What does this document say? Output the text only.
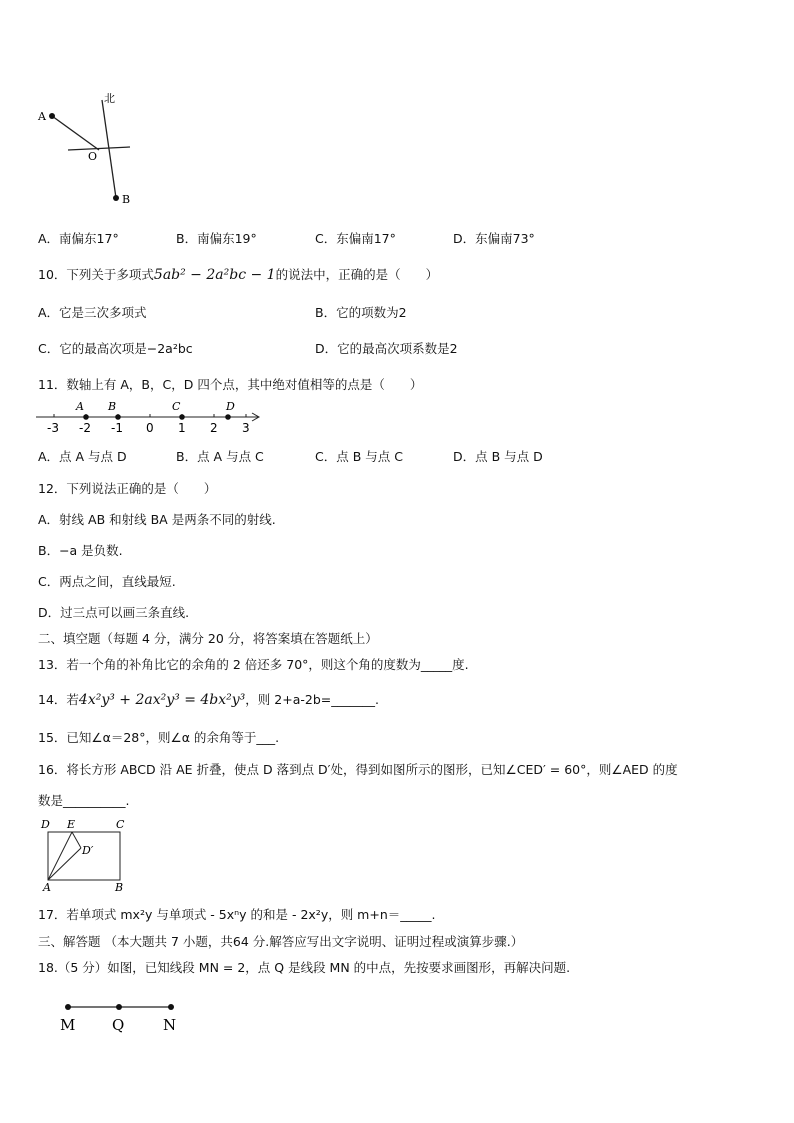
北
A
O
B
A．南偏东17°	B．南偏东19°	C．东偏南17°	D．东偏南73°
10．下列关于多项式5ab² − 2a²bc − 1的说法中，正确的是（　　）
A．它是三次多项式	B．它的项数为2
C．它的最高次项是−2a²bc	D．它的最高次项系数是2
11．数轴上有 A，B，C，D 四个点，其中绝对值相等的点是（　　）
-3 -2 -1 0 1 2 3
A B	C	D
A．点 A 与点 D	B．点 A 与点 C	C．点 B 与点 C	D．点 B 与点 D
12．下列说法正确的是（　　）
A．射线 AB 和射线 BA 是两条不同的射线.
B．−a 是负数.
C．两点之间，直线最短.
D．过三点可以画三条直线.
二、填空题（每题 4 分，满分 20 分，将答案填在答题纸上）
13．若一个角的补角比它的余角的 2 倍还多 70°，则这个角的度数为_____度.
14．若4x²y³ + 2ax²y³ = 4bx²y³，则 2+a-2b=_______.
15．已知∠α＝28°，则∠α 的余角等于___.
16．将长方形 ABCD 沿 AE 折叠，使点 D 落到点 D′处，得到如图所示的图形，已知∠CED′ = 60°，则∠AED 的度
数是__________.
D E	C
D′
A	B
17．若单项式 mx²y 与单项式 - 5xⁿy 的和是 - 2x²y，则 m+n＝_____.
三、解答题 （本大题共 7 小题，共64 分.解答应写出文字说明、证明过程或演算步骤.）
18.（5 分）如图，已知线段 MN = 2，点 Q 是线段 MN 的中点，先按要求画图形，再解决问题.
M Q	N
